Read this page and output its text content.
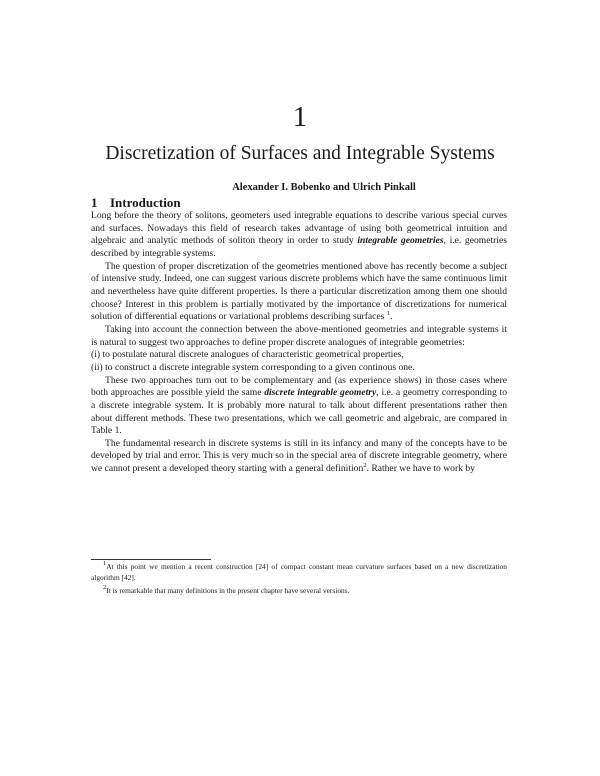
1
Discretization of Surfaces and Integrable Systems
Alexander I. Bobenko and Ulrich Pinkall
1 Introduction

Long before the theory of solitons, geometers used integrable equations to describe various special curves and surfaces. Nowadays this field of research takes advantage of using both geometrical intuition and algebraic and analytic methods of soliton theory in order to study integrable geometries, i.e. geometries described by integrable systems.

The question of proper discretization of the geometries mentioned above has recently become a subject of intensive study. Indeed, one can suggest various discrete problems which have the same continuous limit and nevertheless have quite different properties. Is there a particular discretization among them one should choose? Interest in this problem is partially motivated by the importance of discretizations for numerical solution of differential equations or variational problems describing surfaces $^1$.

Taking into account the connection between the above-mentioned geometries and integrable systems it is natural to suggest two approaches to define proper discrete analogues of integrable geometries:

(i) to postulate natural discrete analogues of characteristic geometrical properties,

(ii) to construct a discrete integrable system corresponding to a given continous one.

These two approaches turn out to be complementary and (as experience shows) in those cases where both approaches are possible yield the same discrete integrable geometry, i.e. a geometry corresponding to a discrete integrable system. It is probably more natural to talk about different presentations rather then about different methods. These two presentations, which we call geometric and algebraic, are compared in Table 1.

The fundamental research in discrete systems is still in its infancy and many of the concepts have to be developed by trial and error. This is very much so in the special area of discrete integrable geometry, where we cannot present a developed theory starting with a general definition$^2$. Rather we have to work by

$^1$At this point we mention a recent construction [24] of compact constant mean curvature surfaces based on a new discretization algorithm [42].

$^2$It is remarkable that many definitions in the present chapter have several versions.
